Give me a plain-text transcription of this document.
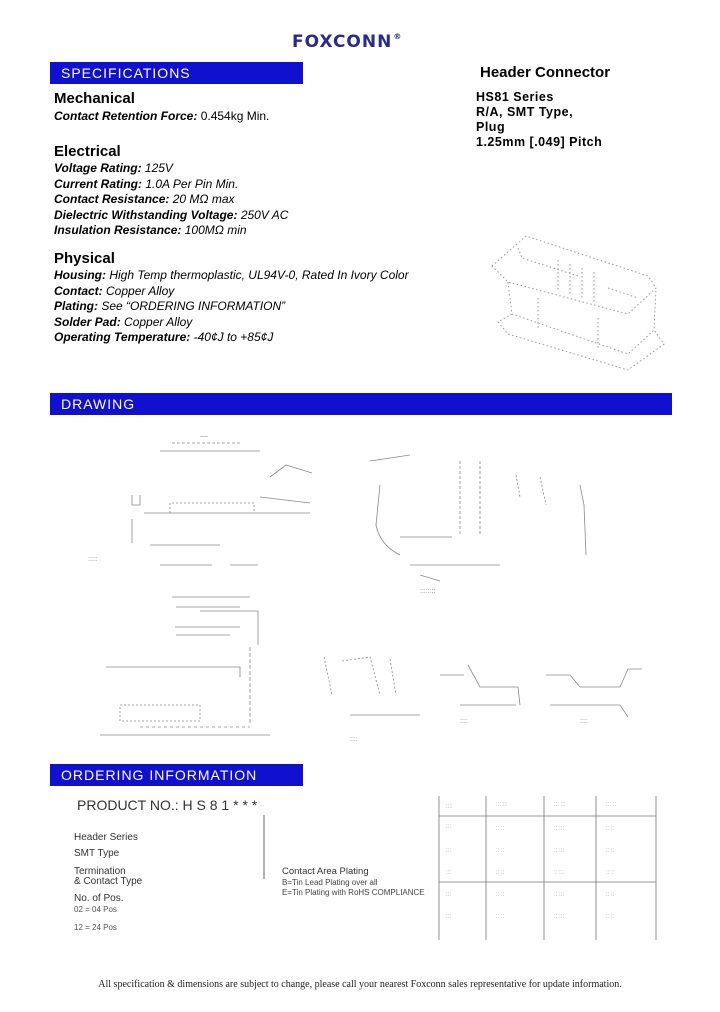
FOXCONN®
SPECIFICATIONS	Header Connector
HS81 Series
R/A, SMT Type,
Plug
1.25mm [.049] Pitch
Mechanical
Contact Retention Force: 0.454kg Min.
Electrical
Voltage Rating: 125V
Current Rating: 1.0A Per Pin Min.
Contact Resistance: 20 MΩ max
Dielectric Withstanding Voltage: 250V AC
Insulation Resistance: 100MΩ min
Physical
Housing: High Temp thermoplastic, UL94V-0, Rated In Ivory Color
Contact: Copper Alloy
Plating: See “ORDERING INFORMATION”
Solder Pad: Copper Alloy
Operating Temperature: -40¢J to +85¢J
DRAWING
~~
:::::
::::::::
::::	::::
::::
ORDERING INFORMATION
PRODUCT NO.: H S 8 1 * * *
Header Series
SMT Type
Termination
& Contact Type
No. of Pos.
02 = 04 Pos
12 = 24 Pos
Contact Area Plating
B=Tin Lead Plating over all
E=Tin Plating with RoHS COMPLIANCE
::::	::: :::	::: :::	::: ::
:::	:: ::	:: :::	:: ::
:::	:: ::	:: :::	:: ::
:::	:: ::	:: :::	:: ::
:::	:: ::	:: :::	:: ::
:::	:: ::	:: :::	:: ::
All specification & dimensions are subject to change, please call your nearest Foxconn sales representative for update information.
